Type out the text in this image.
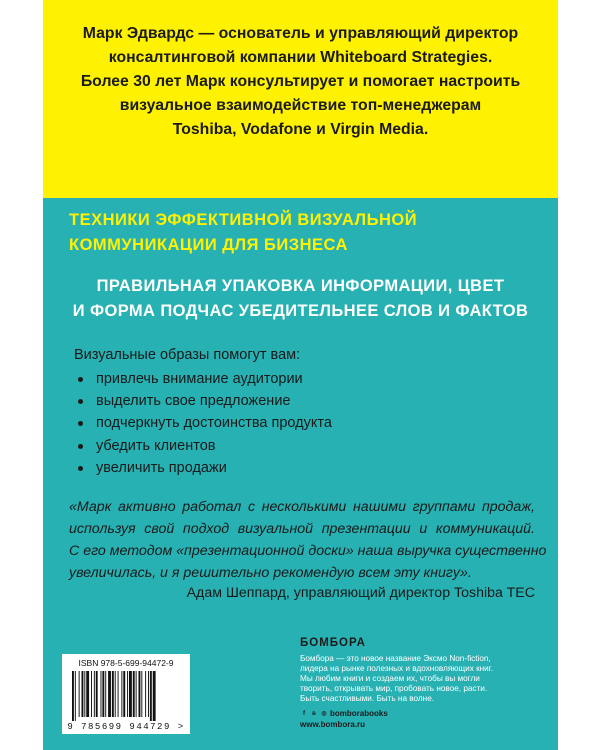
Марк Эдвардс — основатель и управляющий директор
консалтинговой компании Whiteboard Strategies.
Более 30 лет Марк консультирует и помогает настроить
визуальное взаимодействие топ-менеджерам
Toshiba, Vodafone и Virgin Media.
ТЕХНИКИ ЭФФЕКТИВНОЙ ВИЗУАЛЬНОЙ
КОММУНИКАЦИИ ДЛЯ БИЗНЕСА
ПРАВИЛЬНАЯ УПАКОВКА ИНФОРМАЦИИ, ЦВЕТ
И ФОРМА ПОДЧАС УБЕДИТЕЛЬНЕЕ СЛОВ И ФАКТОВ
Визуальные образы помогут вам:
привлечь внимание аудитории
выделить свое предложение
подчеркнуть достоинства продукта
убедить клиентов
увеличить продажи
«Марк активно работал с несколькими нашими группами продаж,
используя свой подход визуальной презентации и коммуникаций.
С его методом «презентационной доски» наша выручка существенно
увеличилась, и я решительно рекомендую всем эту книгу».
Адам Шеппард, управляющий директор Toshiba TEC
ISBN 978-5-699-94472-9
9 785699 944729 >
БОМБОРА
Бомбора — это новое название Эксмо Non-fiction,
лидера на рынке полезных и вдохновляющих книг.
Мы любим книги и создаем их, чтобы вы могли
творить, открывать мир, пробовать новое, расти.
Быть счастливыми. Быть на волне.
f	в ◎ bomborabooks
www.bombora.ru
